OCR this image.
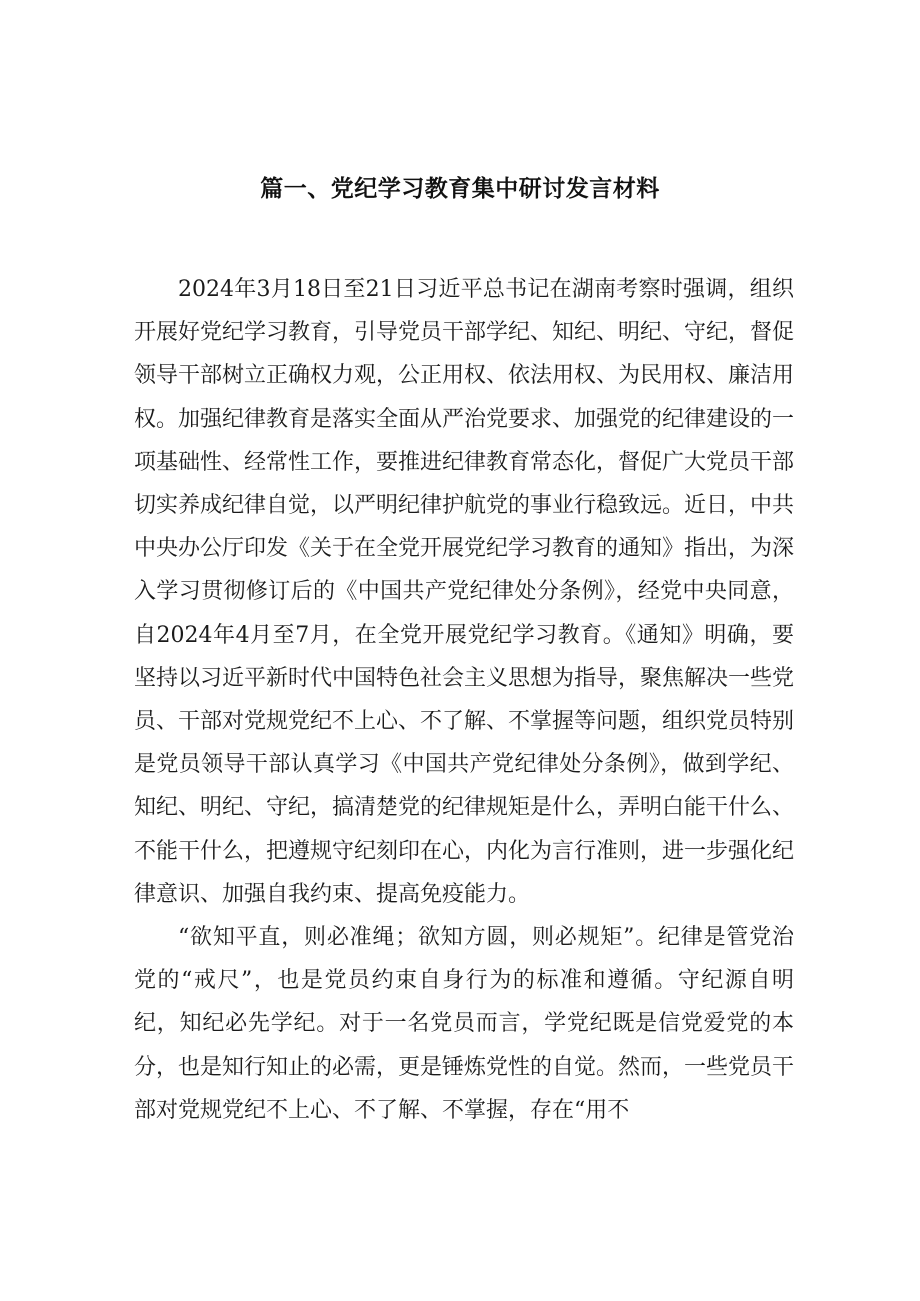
篇一、党纪学习教育集中研讨发言材料

2024年3月18日至21日习近平总书记在湖南考察时强调，组织开展好党纪学习教育，引导党员干部学纪、知纪、明纪、守纪，督促领导干部树立正确权力观，公正用权、依法用权、为民用权、廉洁用权。加强纪律教育是落实全面从严治党要求、加强党的纪律建设的一项基础性、经常性工作，要推进纪律教育常态化，督促广大党员干部切实养成纪律自觉，以严明纪律护航党的事业行稳致远。近日，中共中央办公厅印发《关于在全党开展党纪学习教育的通知》指出，为深入学习贯彻修订后的《中国共产党纪律处分条例》，经党中央同意，自2024年4月至7月，在全党开展党纪学习教育。《通知》明确，要坚持以习近平新时代中国特色社会主义思想为指导，聚焦解决一些党员、干部对党规党纪不上心、不了解、不掌握等问题，组织党员特别是党员领导干部认真学习《中国共产党纪律处分条例》，做到学纪、知纪、明纪、守纪，搞清楚党的纪律规矩是什么，弄明白能干什么、不能干什么，把遵规守纪刻印在心，内化为言行准则，进一步强化纪律意识、加强自我约束、提高免疫能力。

“欲知平直，则必准绳；欲知方圆，则必规矩”。纪律是管党治党的“戒尺”，也是党员约束自身行为的标准和遵循。守纪源自明纪，知纪必先学纪。对于一名党员而言，学党纪既是信党爱党的本分，也是知行知止的必需，更是锤炼党性的自觉。然而，一些党员干部对党规党纪不上心、不了解、不掌握，存在“用不
